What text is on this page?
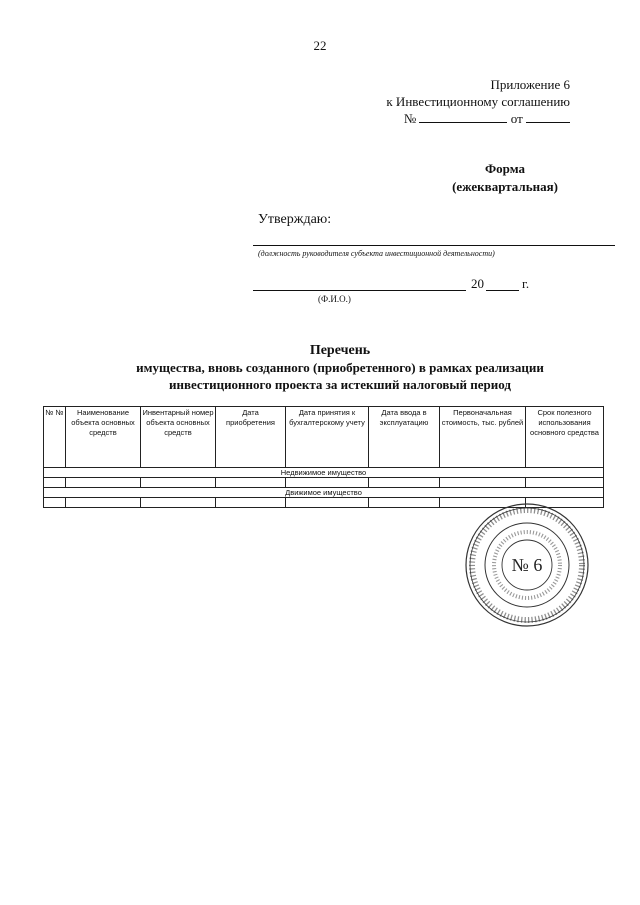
22
Приложение 6
к Инвестиционному соглашению
№	от
Форма
(ежеквартальная)
Утверждаю:
(должность руководителя субъекта инвестиционной деятельности)
20	г.
(Ф.И.О.)
Перечень
имущества, вновь созданного (приобретенного) в рамках реализации
инвестиционного проекта за истекший налоговый период
№ №	Наименование объекта основных средств	Инвентарный номер объекта основных средств	Дата приобретения	Дата принятия к бухгалтерскому учету	Дата ввода в эксплуатацию	Первоначальная стоимость, тыс. рублей	Срок полезного использования основного средства
Недвижимое имущество							

Движимое имущество							

№ 6
